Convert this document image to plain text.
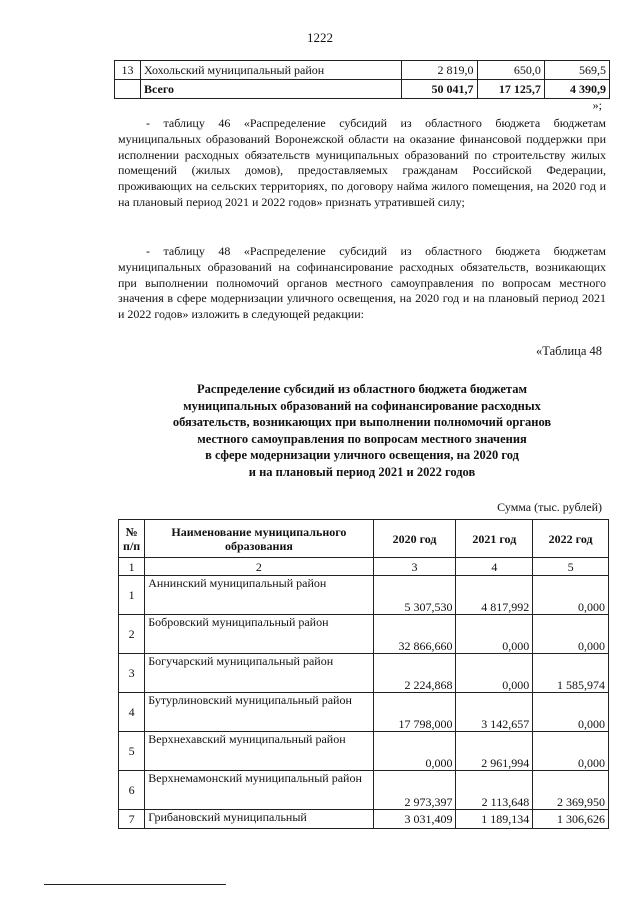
1222
13	Хохольский муниципальный район	2 819,0	650,0	569,5
	Всего	50 041,7	17 125,7	4 390,9
»;

- таблицу 46 «Распределение субсидий из областного бюджета бюджетам муниципальных образований Воронежской области на оказание финансовой поддержки при исполнении расходных обязательств муниципальных образований по строительству жилых помещений (жилых домов), предоставляемых гражданам Российской Федерации, проживающих на сельских территориях, по договору найма жилого помещения, на 2020 год и на плановый период 2021 и 2022 годов» признать утратившей силу;

- таблицу 48 «Распределение субсидий из областного бюджета бюджетам муниципальных образований на софинансирование расходных обязательств, возникающих при выполнении полномочий органов местного самоуправления по вопросам местного значения в сфере модернизации уличного освещения, на 2020 год и на плановый период 2021 и 2022 годов» изложить в следующей редакции:

«Таблица 48
Распределение субсидий из областного бюджета бюджетам
муниципальных образований на софинансирование расходных
обязательств, возникающих при выполнении полномочий органов
местного самоуправления по вопросам местного значения
в сфере модернизации уличного освещения, на 2020 год
и на плановый период 2021 и 2022 годов
Сумма (тыс. рублей)
№ п/п	Наименование муниципального образования	2020 год	2021 год	2022 год
1	2	3	4	5
1	Аннинский муниципальный район	5 307,530	4 817,992	0,000
2	Бобровский муниципальный район	32 866,660	0,000	0,000
3	Богучарский муниципальный район	2 224,868	0,000	1 585,974
4	Бутурлиновский муниципальный район	17 798,000	3 142,657	0,000
5	Верхнехавский муниципальный район	0,000	2 961,994	0,000
6	Верхнемамонский муниципальный район	2 973,397	2 113,648	2 369,950
7	Грибановский муниципальный	3 031,409	1 189,134	1 306,626
